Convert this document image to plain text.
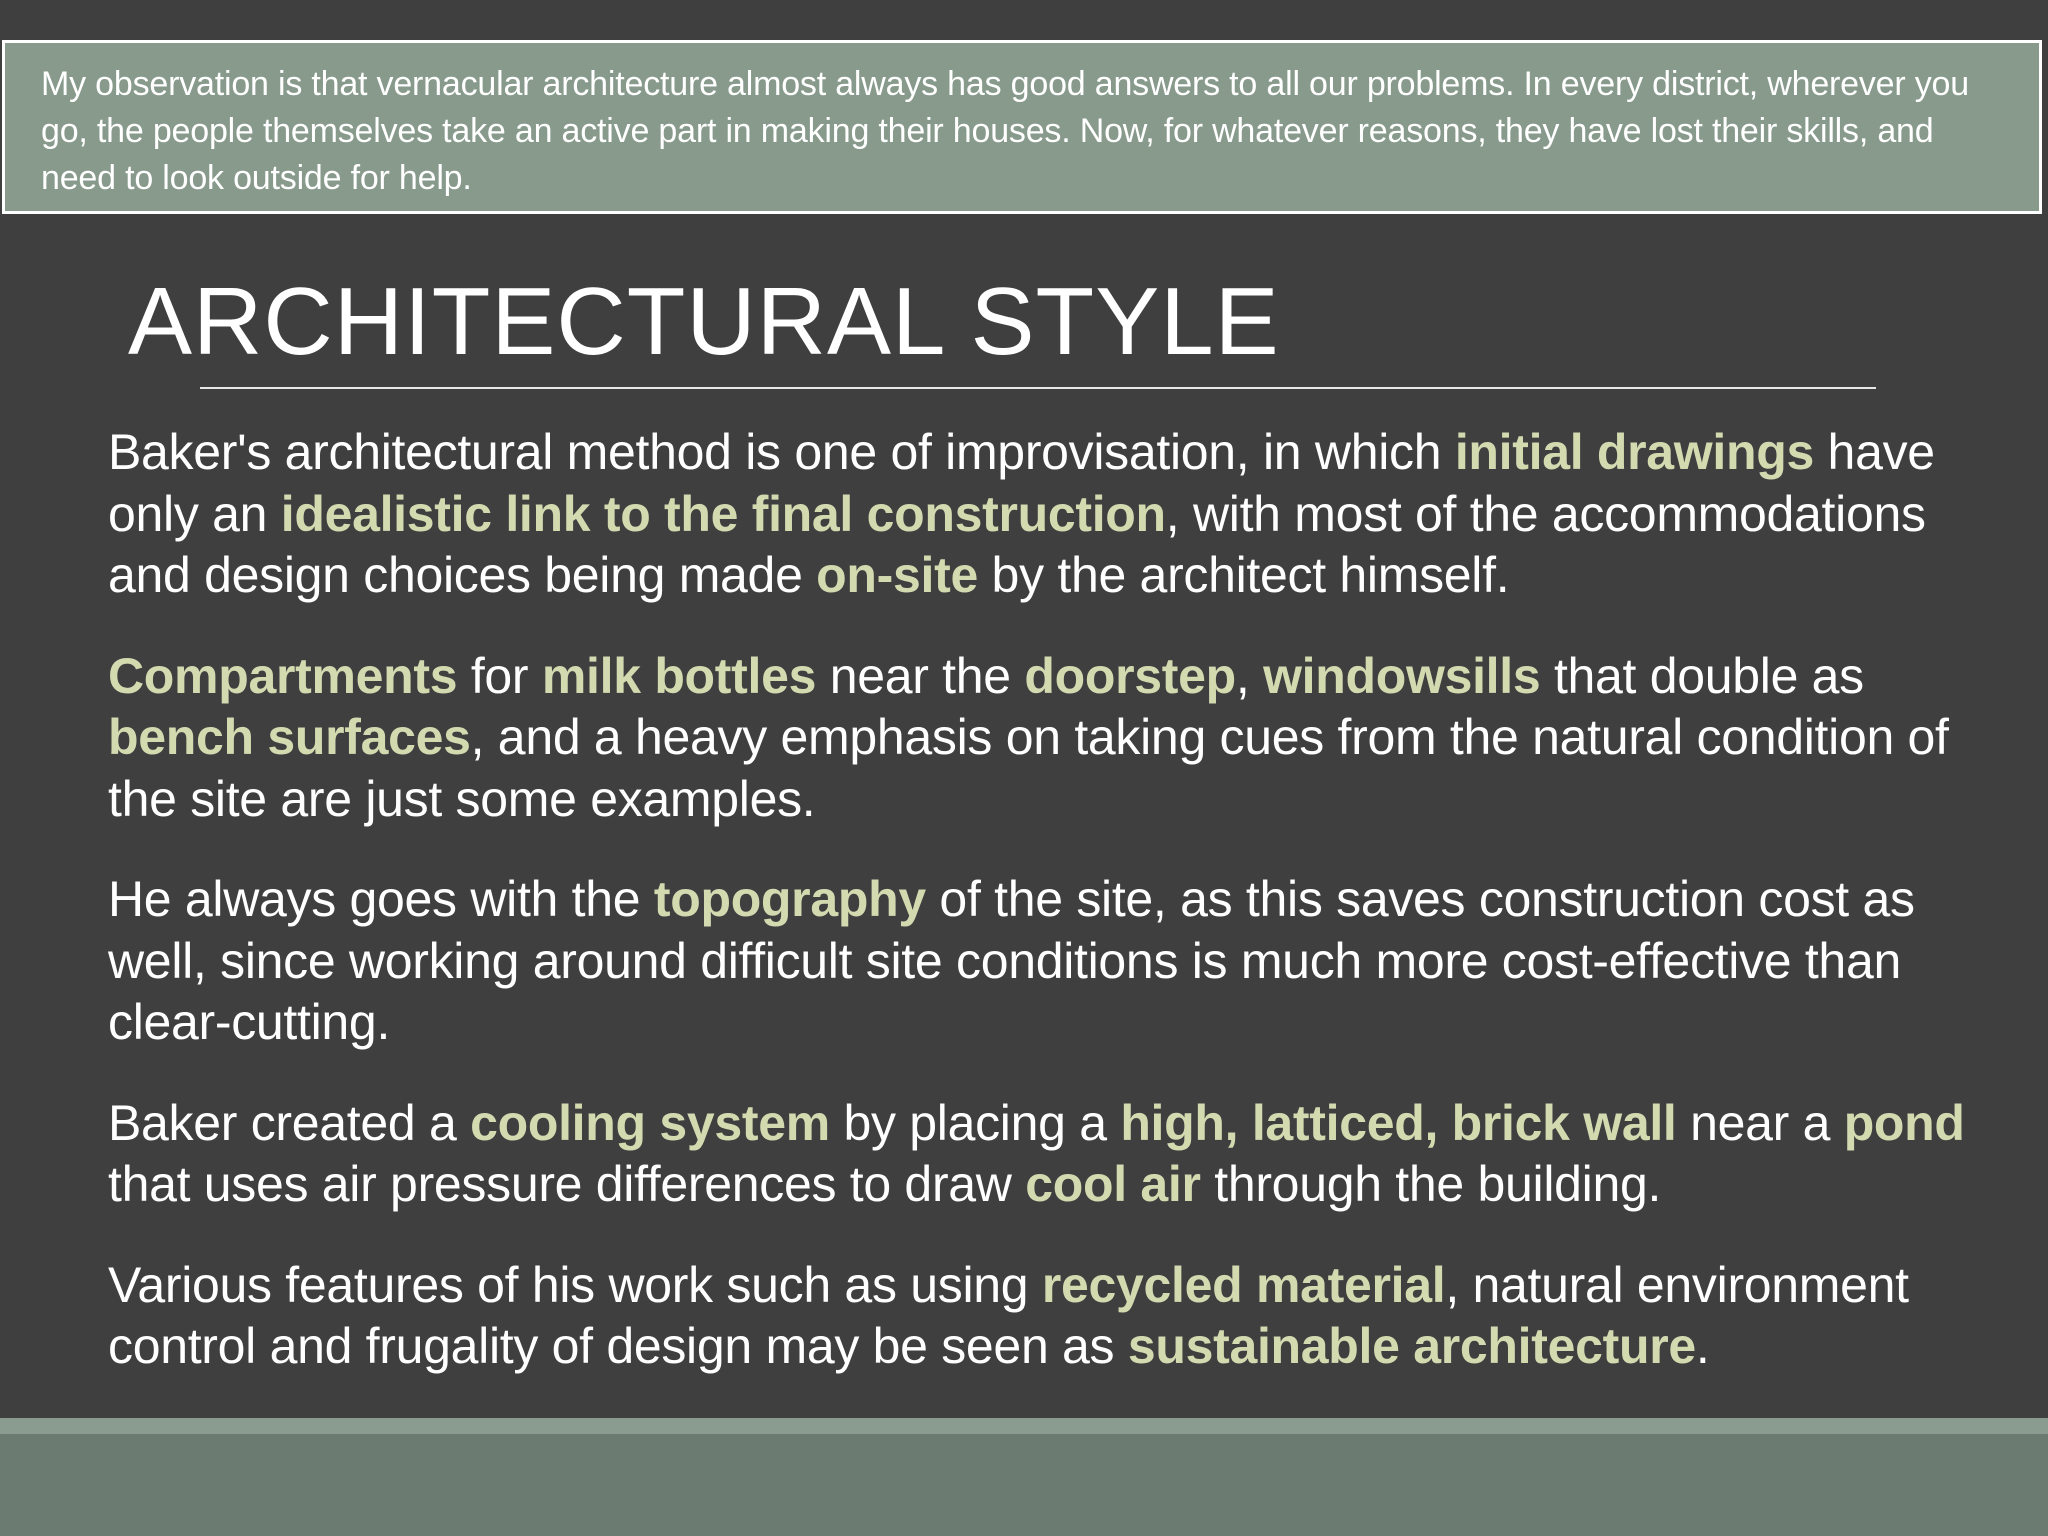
My observation is that vernacular architecture almost always has good answers to all our problems. In every district, wherever you go, the people themselves take an active part in making their houses. Now, for whatever reasons, they have lost their skills, and need to look outside for help.

ARCHITECTURAL STYLE

Baker's architectural method is one of improvisation, in which initial drawings have only an idealistic link to the final construction, with most of the accommodations and design choices being made on-site by the architect himself.

Compartments for milk bottles near the doorstep, windowsills that double as bench surfaces, and a heavy emphasis on taking cues from the natural condition of the site are just some examples.

He always goes with the topography of the site, as this saves construction cost as well, since working around difficult site conditions is much more cost-effective than clear-cutting.

Baker created a cooling system by placing a high, latticed, brick wall near a pond that uses air pressure differences to draw cool air through the building.

Various features of his work such as using recycled material, natural environment control and frugality of design may be seen as sustainable architecture.
